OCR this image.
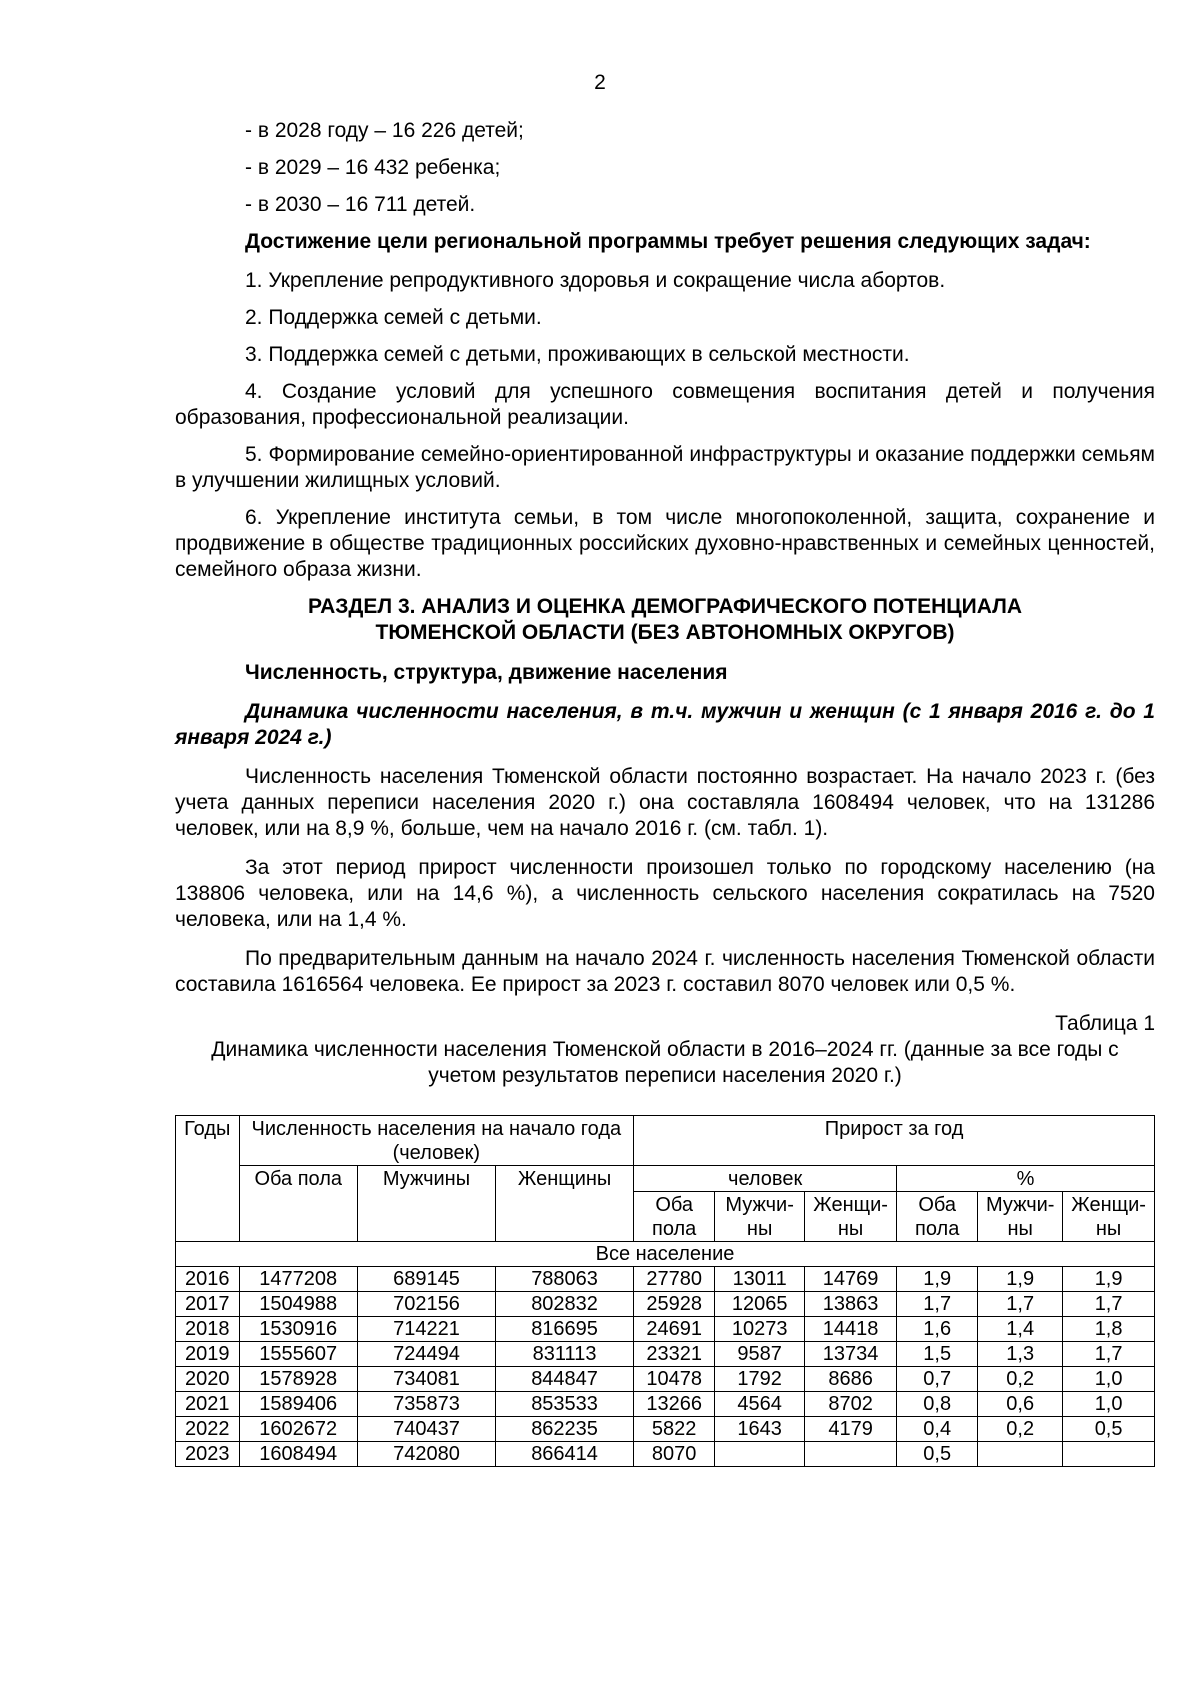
2

- в 2028 году – 16 226 детей;

- в 2029 – 16 432 ребенка;

- в 2030 – 16 711 детей.

Достижение цели региональной программы требует решения следующих задач:

1. Укрепление репродуктивного здоровья и сокращение числа абортов.

2. Поддержка семей с детьми.

3. Поддержка семей с детьми, проживающих в сельской местности.

4. Создание условий для успешного совмещения воспитания детей и получения образования, профессиональной реализации.

5. Формирование семейно-ориентированной инфраструктуры и оказание поддержки семьям в улучшении жилищных условий.

6. Укрепление института семьи, в том числе многопоколенной, защита, сохранение и продвижение в обществе традиционных российских духовно-нравственных и семейных ценностей, семейного образа жизни.

РАЗДЕЛ 3. АНАЛИЗ И ОЦЕНКА ДЕМОГРАФИЧЕСКОГО ПОТЕНЦИАЛА
ТЮМЕНСКОЙ ОБЛАСТИ (БЕЗ АВТОНОМНЫХ ОКРУГОВ)

Численность, структура, движение населения

Динамика численности населения, в т.ч. мужчин и женщин (с 1 января 2016 г. до 1 января 2024 г.)

Численность населения Тюменской области постоянно возрастает. На начало 2023 г. (без учета данных переписи населения 2020 г.) она составляла 1608494 человек, что на 131286 человек, или на 8,9 %, больше, чем на начало 2016 г. (см. табл. 1).

За этот период прирост численности произошел только по городскому населению (на 138806 человека, или на 14,6 %), а численность сельского населения сократилась на 7520 человека, или на 1,4 %.

По предварительным данным на начало 2024 г. численность населения Тюменской области составила 1616564 человека. Ее прирост за 2023 г. составил 8070 человек или 0,5 %.

Таблица 1

Динамика численности населения Тюменской области в 2016–2024 гг. (данные за все годы с учетом результатов переписи населения 2020 г.)

Годы	Численность населения на начало года (человек)			Прирост за год					
	Оба пола	Мужчины	Женщины	человек			%		
				Оба пола	Мужчи-ны	Женщи-ны	Оба пола	Мужчи-ны	Женщи-ны
Все население									
2016	1477208	689145	788063	27780	13011	14769	1,9	1,9	1,9
2017	1504988	702156	802832	25928	12065	13863	1,7	1,7	1,7
2018	1530916	714221	816695	24691	10273	14418	1,6	1,4	1,8
2019	1555607	724494	831113	23321	9587	13734	1,5	1,3	1,7
2020	1578928	734081	844847	10478	1792	8686	0,7	0,2	1,0
2021	1589406	735873	853533	13266	4564	8702	0,8	0,6	1,0
2022	1602672	740437	862235	5822	1643	4179	0,4	0,2	0,5
2023	1608494	742080	866414	8070			0,5		
